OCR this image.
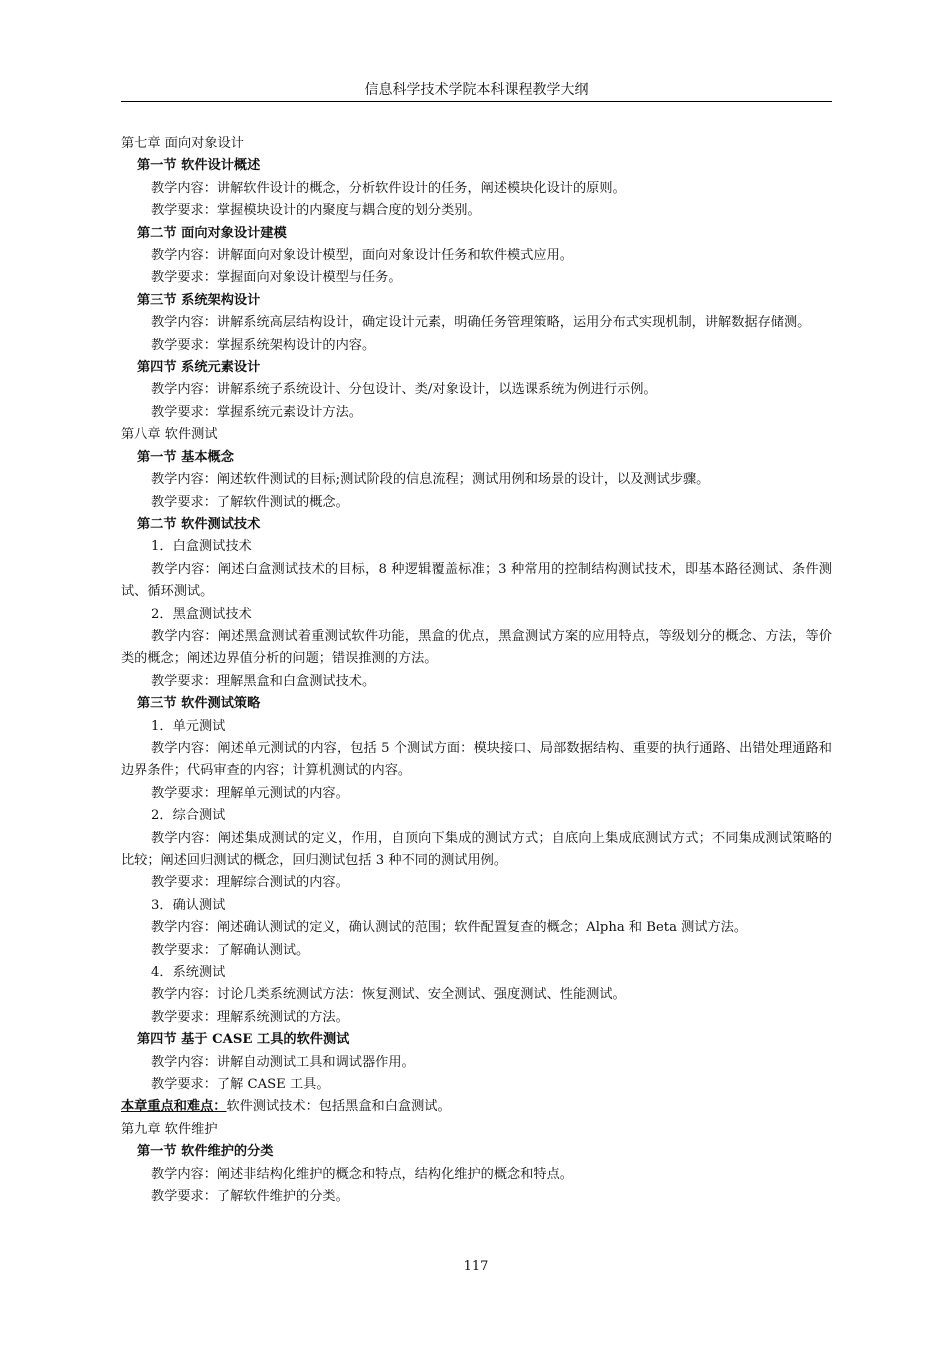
信息科学技术学院本科课程教学大纲
第七章 面向对象设计
第一节 软件设计概述
教学内容：讲解软件设计的概念，分析软件设计的任务，阐述模块化设计的原则。
教学要求：掌握模块设计的内聚度与耦合度的划分类别。
第二节 面向对象设计建模
教学内容：讲解面向对象设计模型，面向对象设计任务和软件模式应用。
教学要求：掌握面向对象设计模型与任务。
第三节 系统架构设计
教学内容：讲解系统高层结构设计，确定设计元素，明确任务管理策略，运用分布式实现机制，讲解数据存储测。
教学要求：掌握系统架构设计的内容。
第四节 系统元素设计
教学内容：讲解系统子系统设计、分包设计、类/对象设计，以选课系统为例进行示例。
教学要求：掌握系统元素设计方法。
第八章 软件测试
第一节 基本概念
教学内容：阐述软件测试的目标;测试阶段的信息流程；测试用例和场景的设计，以及测试步骤。
教学要求：了解软件测试的概念。
第二节 软件测试技术
1．白盒测试技术
教学内容：阐述白盒测试技术的目标，8 种逻辑覆盖标准；3 种常用的控制结构测试技术，即基本路径测试、条件测试、循环测试。
2．黑盒测试技术
教学内容：阐述黑盒测试着重测试软件功能，黑盒的优点，黑盒测试方案的应用特点，等级划分的概念、方法，等价类的概念；阐述边界值分析的问题；错误推测的方法。
教学要求：理解黑盒和白盒测试技术。
第三节 软件测试策略
1．单元测试
教学内容：阐述单元测试的内容，包括 5 个测试方面：模块接口、局部数据结构、重要的执行通路、出错处理通路和边界条件；代码审查的内容；计算机测试的内容。
教学要求：理解单元测试的内容。
2．综合测试
教学内容：阐述集成测试的定义，作用，自顶向下集成的测试方式；自底向上集成底测试方式；不同集成测试策略的比较；阐述回归测试的概念，回归测试包括 3 种不同的测试用例。
教学要求：理解综合测试的内容。
3．确认测试
教学内容：阐述确认测试的定义，确认测试的范围；软件配置复查的概念；Alpha 和 Beta 测试方法。
教学要求：了解确认测试。
4．系统测试
教学内容：讨论几类系统测试方法：恢复测试、安全测试、强度测试、性能测试。
教学要求：理解系统测试的方法。
第四节 基于 CASE 工具的软件测试
教学内容：讲解自动测试工具和调试器作用。
教学要求：了解 CASE 工具。
本章重点和难点：软件测试技术：包括黑盒和白盒测试。
第九章 软件维护
第一节 软件维护的分类
教学内容：阐述非结构化维护的概念和特点，结构化维护的概念和特点。
教学要求：了解软件维护的分类。
117
